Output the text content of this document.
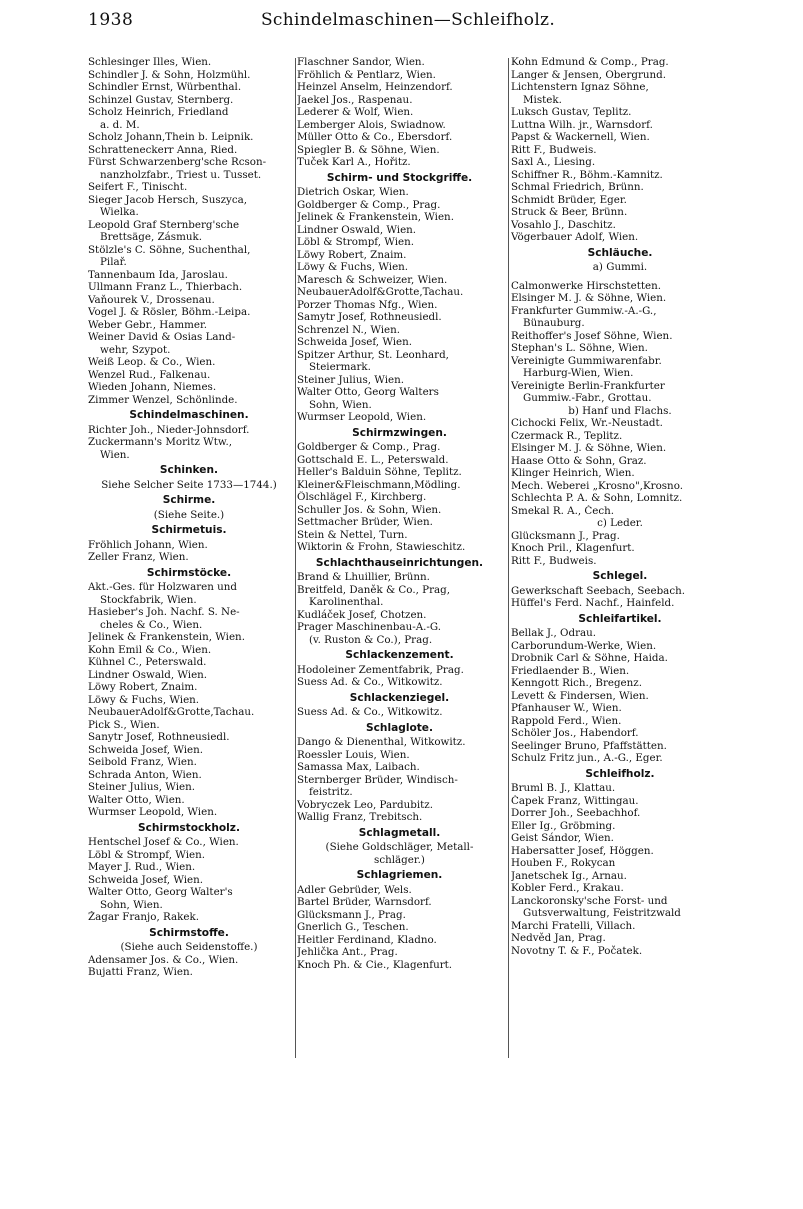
1938	Schindelmaschinen—Schleifholz.
Schlesinger Illes, Wien.
Schindler J. & Sohn, Holzmühl.
Schindler Ernst, Würbenthal.
Schinzel Gustav, Sternberg.
Scholz Heinrich, Friedland
a. d. M.
Scholz Johann,Thein b. Leipnik.
Schratteneckerr Anna, Ried.
Fürst Schwarzenberg'sche Rcson-
nanzholzfabr., Triest u. Tusset.
Seifert F., Tinischt.
Sieger Jacob Hersch, Suszyca,
Wielka.
Leopold Graf Sternberg'sche
Brettsäge, Zásmuk.
Stölzle's C. Söhne, Suchenthal,
Pilař.
Tannenbaum Ida, Jaroslau.
Ullmann Franz L., Thierbach.
Vaňourek V., Drossenau.
Vogel J. & Rösler, Böhm.-Leipa.
Weber Gebr., Hammer.
Weiner David & Osias Land-
wehr, Szypot.
Weiß Leop. & Co., Wien.
Wenzel Rud., Falkenau.
Wieden Johann, Niemes.
Zimmer Wenzel, Schönlinde.
Schindelmaschinen.
Richter Joh., Nieder-Johnsdorf.
Zuckermann's Moritz Wtw.,
Wien.
Schinken.
Siehe Selcher Seite 1733—1744.)
Schirme.
(Siehe Seite.)
Schirmetuis.
Fröhlich Johann, Wien.
Zeller Franz, Wien.
Schirmstöcke.
Akt.-Ges. für Holzwaren und
Stockfabrik, Wien.
Hasieber's Joh. Nachf. S. Ne-
cheles & Co., Wien.
Jelinek & Frankenstein, Wien.
Kohn Emil & Co., Wien.
Kühnel C., Peterswald.
Lindner Oswald, Wien.
Löwy Robert, Znaim.
Löwy & Fuchs, Wien.
NeubauerAdolf&Grotte,Tachau.
Pick S., Wien.
Sanytr Josef, Rothneusiedl.
Schweida Josef, Wien.
Seibold Franz, Wien.
Schrada Anton, Wien.
Steiner Julius, Wien.
Walter Otto, Wien.
Wurmser Leopold, Wien.
Schirmstockholz.
Hentschel Josef & Co., Wien.
Löbl & Strompf, Wien.
Mayer J. Rud., Wien.
Schweida Josef, Wien.
Walter Otto, Georg Walter's
Sohn, Wien.
Žagar Franjo, Rakek.
Schirmstoffe.
(Siehe auch Seidenstoffe.)
Adensamer Jos. & Co., Wien.
Bujatti Franz, Wien.
Flaschner Sandor, Wien.
Fröhlich & Pentlarz, Wien.
Heinzel Anselm, Heinzendorf.
Jaekel Jos., Raspenau.
Lederer & Wolf, Wien.
Lemberger Alois, Swiadnow.
Müller Otto & Co., Ebersdorf.
Spiegler B. & Söhne, Wien.
Tuček Karl A., Hořitz.
Schirm- und Stockgriffe.
Dietrich Oskar, Wien.
Goldberger & Comp., Prag.
Jelinek & Frankenstein, Wien.
Lindner Oswald, Wien.
Löbl & Strompf, Wien.
Löwy Robert, Znaim.
Löwy & Fuchs, Wien.
Maresch & Schweizer, Wien.
NeubauerAdolf&Grotte,Tachau.
Porzer Thomas Nfg., Wien.
Samytr Josef, Rothneusiedl.
Schrenzel N., Wien.
Schweida Josef, Wien.
Spitzer Arthur, St. Leonhard,
Steiermark.
Steiner Julius, Wien.
Walter Otto, Georg Walters
Sohn, Wien.
Wurmser Leopold, Wien.
Schirmzwingen.
Goldberger & Comp., Prag.
Gottschald E. L., Peterswald.
Heller's Balduin Söhne, Teplitz.
Kleiner&Fleischmann,Mödling.
Ölschlägel F., Kirchberg.
Schuller Jos. & Sohn, Wien.
Settmacher Brüder, Wien.
Stein & Nettel, Turn.
Wiktorin & Frohn, Stawieschitz.
Schlachthauseinrichtungen.
Brand & Lhuillier, Brünn.
Breitfeld, Daněk & Co., Prag,
Karolinenthal.
Kudláček Josef, Chotzen.
Prager Maschinenbau-A.-G.
(v. Ruston & Co.), Prag.
Schlackenzement.
Hodoleiner Zementfabrik, Prag.
Suess Ad. & Co., Witkowitz.
Schlackenziegel.
Suess Ad. & Co., Witkowitz.
Schlaglote.
Dango & Dienenthal, Witkowitz.
Roessler Louis, Wien.
Samassa Max, Laibach.
Sternberger Brüder, Windisch-
feistritz.
Vobryczek Leo, Pardubitz.
Wallig Franz, Trebitsch.
Schlagmetall.
(Siehe Goldschläger, Metall-
schläger.)
Schlagriemen.
Adler Gebrüder, Wels.
Bartel Brüder, Warnsdorf.
Glücksmann J., Prag.
Gnerlich G., Teschen.
Heitler Ferdinand, Kladno.
Jehlička Ant., Prag.
Knoch Ph. & Cie., Klagenfurt.
Kohn Edmund & Comp., Prag.
Langer & Jensen, Obergrund.
Lichtenstern Ignaz Söhne,
Mistek.
Luksch Gustav, Teplitz.
Luttna Wilh. jr., Warnsdorf.
Papst & Wackernell, Wien.
Ritt F., Budweis.
Saxl A., Liesing.
Schiffner R., Böhm.-Kamnitz.
Schmal Friedrich, Brünn.
Schmidt Brüder, Eger.
Struck & Beer, Brünn.
Vosahlo J., Daschitz.
Vögerbauer Adolf, Wien.
Schläuche.
a) Gummi.
Calmonwerke Hirschstetten.
Elsinger M. J. & Söhne, Wien.
Frankfurter Gummiw.-A.-G.,
Bünauburg.
Reithoffer's Josef Söhne, Wien.
Stephan's L. Söhne, Wien.
Vereinigte Gummiwarenfabr.
Harburg-Wien, Wien.
Vereinigte Berlin-Frankfurter
Gummiw.-Fabr., Grottau.
b) Hanf und Flachs.
Cichocki Felix, Wr.-Neustadt.
Czermack R., Teplitz.
Elsinger M. J. & Söhne, Wien.
Haase Otto & Sohn, Graz.
Klinger Heinrich, Wien.
Mech. Weberei „Krosno",Krosno.
Schlechta P. A. & Sohn, Lomnitz.
Smekal R. A., Čech.
c) Leder.
Glücksmann J., Prag.
Knoch Pril., Klagenfurt.
Ritt F., Budweis.
Schlegel.
Gewerkschaft Seebach, Seebach.
Hüffel's Ferd. Nachf., Hainfeld.
Schleifartikel.
Bellak J., Odrau.
Carborundum-Werke, Wien.
Drobnik Carl & Söhne, Haida.
Friedlaender B., Wien.
Kenngott Rich., Bregenz.
Levett & Findersen, Wien.
Pfanhauser W., Wien.
Rappold Ferd., Wien.
Schöler Jos., Habendorf.
Seelinger Bruno, Pfaffstätten.
Schulz Fritz jun., A.-G., Eger.
Schleifholz.
Bruml B. J., Klattau.
Čapek Franz, Wittingau.
Dorrer Joh., Seebachhof.
Eller Ig., Gröbming.
Geist Sándor, Wien.
Habersatter Josef, Höggen.
Houben F., Rokycan
Janetschek Ig., Arnau.
Kobler Ferd., Krakau.
Lanckoronsky'sche Forst- und
Gutsverwaltung, Feistritzwald
Marchi Fratelli, Villach.
Nedvěd Jan, Prag.
Novotny T. & F., Počatek.
